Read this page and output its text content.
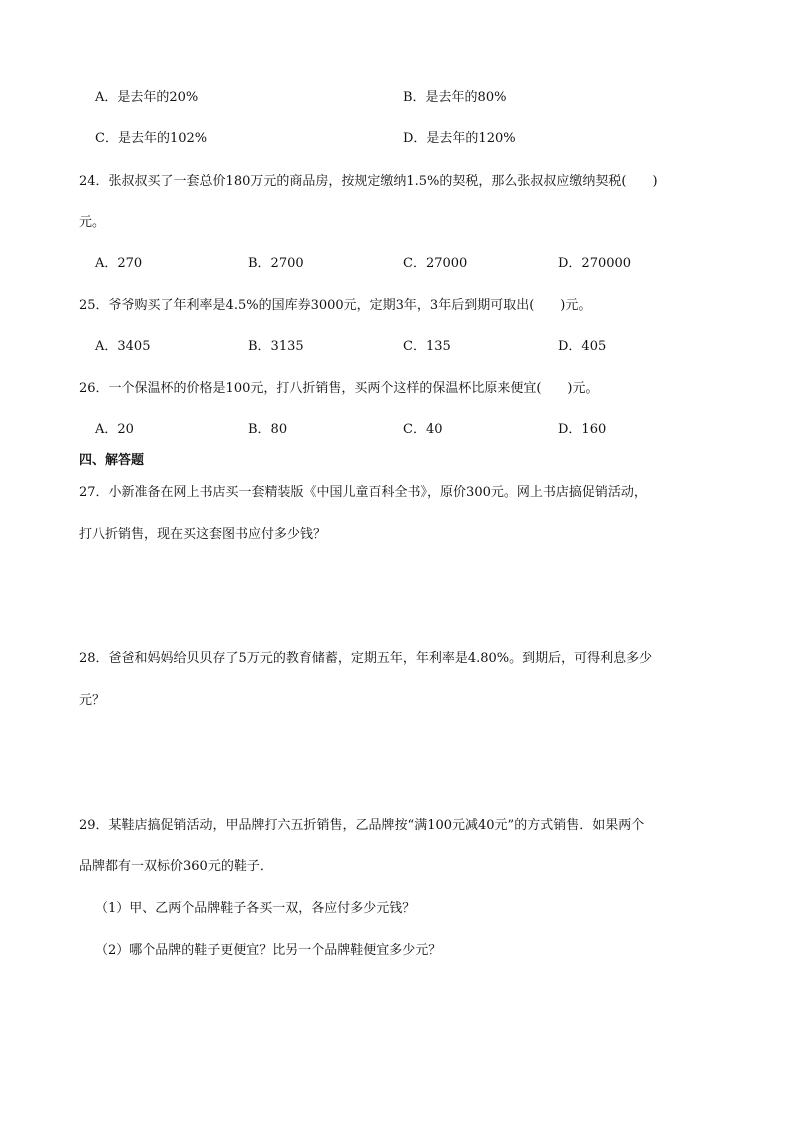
A．是去年的20%	B．是去年的80%
C．是去年的102%	D．是去年的120%
24．张叔叔买了一套总价180万元的商品房，按规定缴纳1.5%的契税，那么张叔叔应缴纳契税(　　)
元。
A．270	B．2700	C．27000	D．270000
25．爷爷购买了年利率是4.5%的国库券3000元，定期3年，3年后到期可取出(　　)元。
A．3405	B．3135	C．135	D．405
26．一个保温杯的价格是100元，打八折销售，买两个这样的保温杯比原来便宜(　　)元。
A．20	B．80	C．40	D．160
四、解答题
27．小新准备在网上书店买一套精装版《中国儿童百科全书》，原价300元。网上书店搞促销活动，
打八折销售，现在买这套图书应付多少钱？
28．爸爸和妈妈给贝贝存了5万元的教育储蓄，定期五年，年利率是4.80%。到期后，可得利息多少
元？
29．某鞋店搞促销活动，甲品牌打六五折销售，乙品牌按“满100元减40元”的方式销售．如果两个
品牌都有一双标价360元的鞋子．
（1）甲、乙两个品牌鞋子各买一双，各应付多少元钱？
（2）哪个品牌的鞋子更便宜？比另一个品牌鞋便宜多少元？
